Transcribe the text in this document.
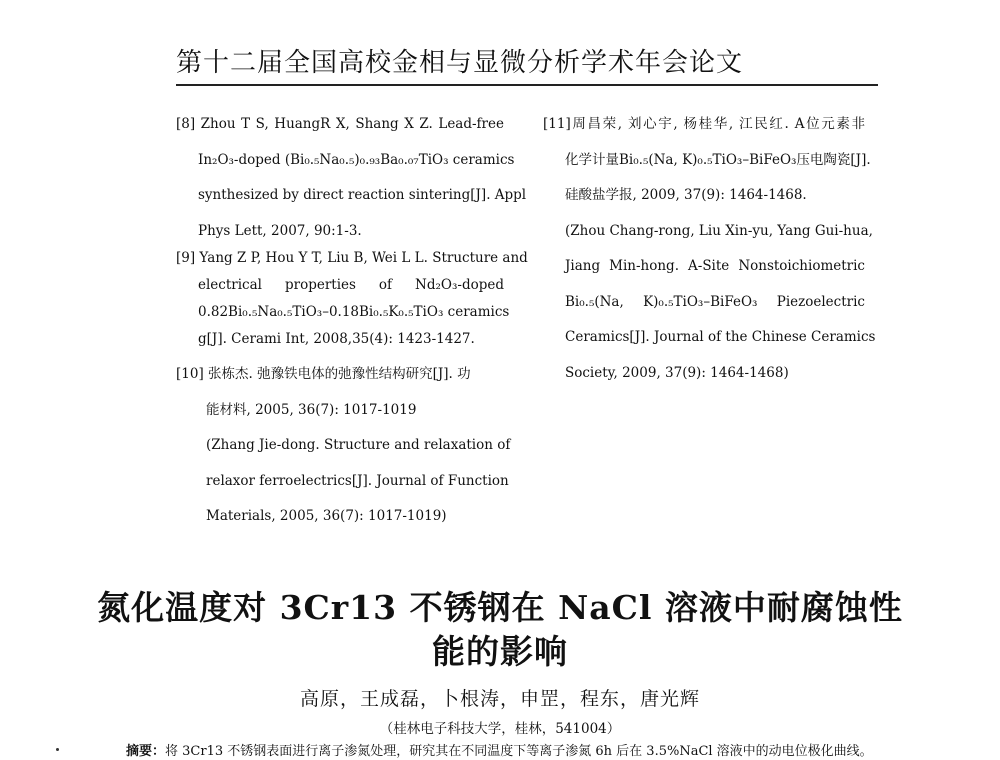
第十二届全国高校金相与显微分析学术年会论文
[8] Zhou T S, HuangR X, Shang X Z. Lead-free
In₂O₃-doped (Bi₀.₅Na₀.₅)₀.₉₃Ba₀.₀₇TiO₃ ceramics
synthesized by direct reaction sintering[J]. Appl
Phys Lett, 2007, 90:1-3.
[9] Yang Z P, Hou Y T, Liu B, Wei L L. Structure and
electrical properties of Nd₂O₃-doped
0.82Bi₀.₅Na₀.₅TiO₃–0.18Bi₀.₅K₀.₅TiO₃ ceramics
g[J]. Cerami Int, 2008,35(4): 1423-1427.
[10] 张栋杰. 弛豫铁电体的弛豫性结构研究[J]. 功
能材料, 2005, 36(7): 1017-1019
(Zhang Jie-dong. Structure and relaxation of
relaxor ferroelectrics[J]. Journal of Function
Materials, 2005, 36(7): 1017-1019)
[11]周昌荣, 刘心宇, 杨桂华, 江民红. A位元素非
化学计量Bi₀.₅(Na, K)₀.₅TiO₃–BiFeO₃压电陶瓷[J].
硅酸盐学报, 2009, 37(9): 1464-1468.
(Zhou Chang-rong, Liu Xin-yu, Yang Gui-hua,
Jiang Min-hong. A-Site Nonstoichiometric
Bi₀.₅(Na, K)₀.₅TiO₃–BiFeO₃ Piezoelectric
Ceramics[J]. Journal of the Chinese Ceramics
Society, 2009, 37(9): 1464-1468)
氮化温度对 3Cr13 不锈钢在 NaCl 溶液中耐腐蚀性
能的影响
高原，王成磊，卜根涛，申罡，程东，唐光辉
（桂林电子科技大学，桂林，541004）
摘要：将 3Cr13 不锈钢表面进行离子渗氮处理，研究其在不同温度下等离子渗氮 6h 后在 3.5%NaCl 溶液中的动电位极化曲线。
